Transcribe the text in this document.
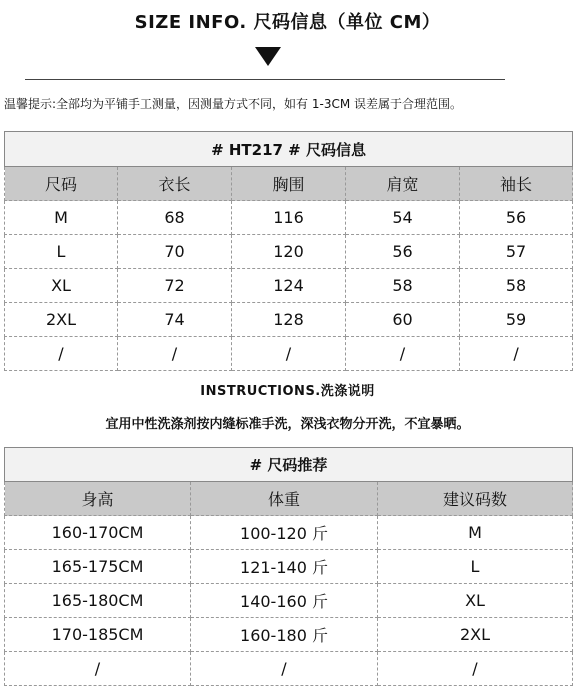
SIZE INFO. 尺码信息（单位 CM）
温馨提示:全部均为平铺手工测量，因测量方式不同，如有 1-3CM 误差属于合理范围。
# HT217 # 尺码信息				
尺码	衣长	胸围	肩宽	袖长
M	68	116	54	56
L	70	120	56	57
XL	72	124	58	58
2XL	74	128	60	59
/	/	/	/	/
INSTRUCTIONS.洗涤说明
宜用中性洗涤剂按内缝标准手洗，深浅衣物分开洗，不宜暴晒。
# 尺码推荐		
身高	体重	建议码数
160-170CM	100-120 斤	M
165-175CM	121-140 斤	L
165-180CM	140-160 斤	XL
170-185CM	160-180 斤	2XL
/	/	/
